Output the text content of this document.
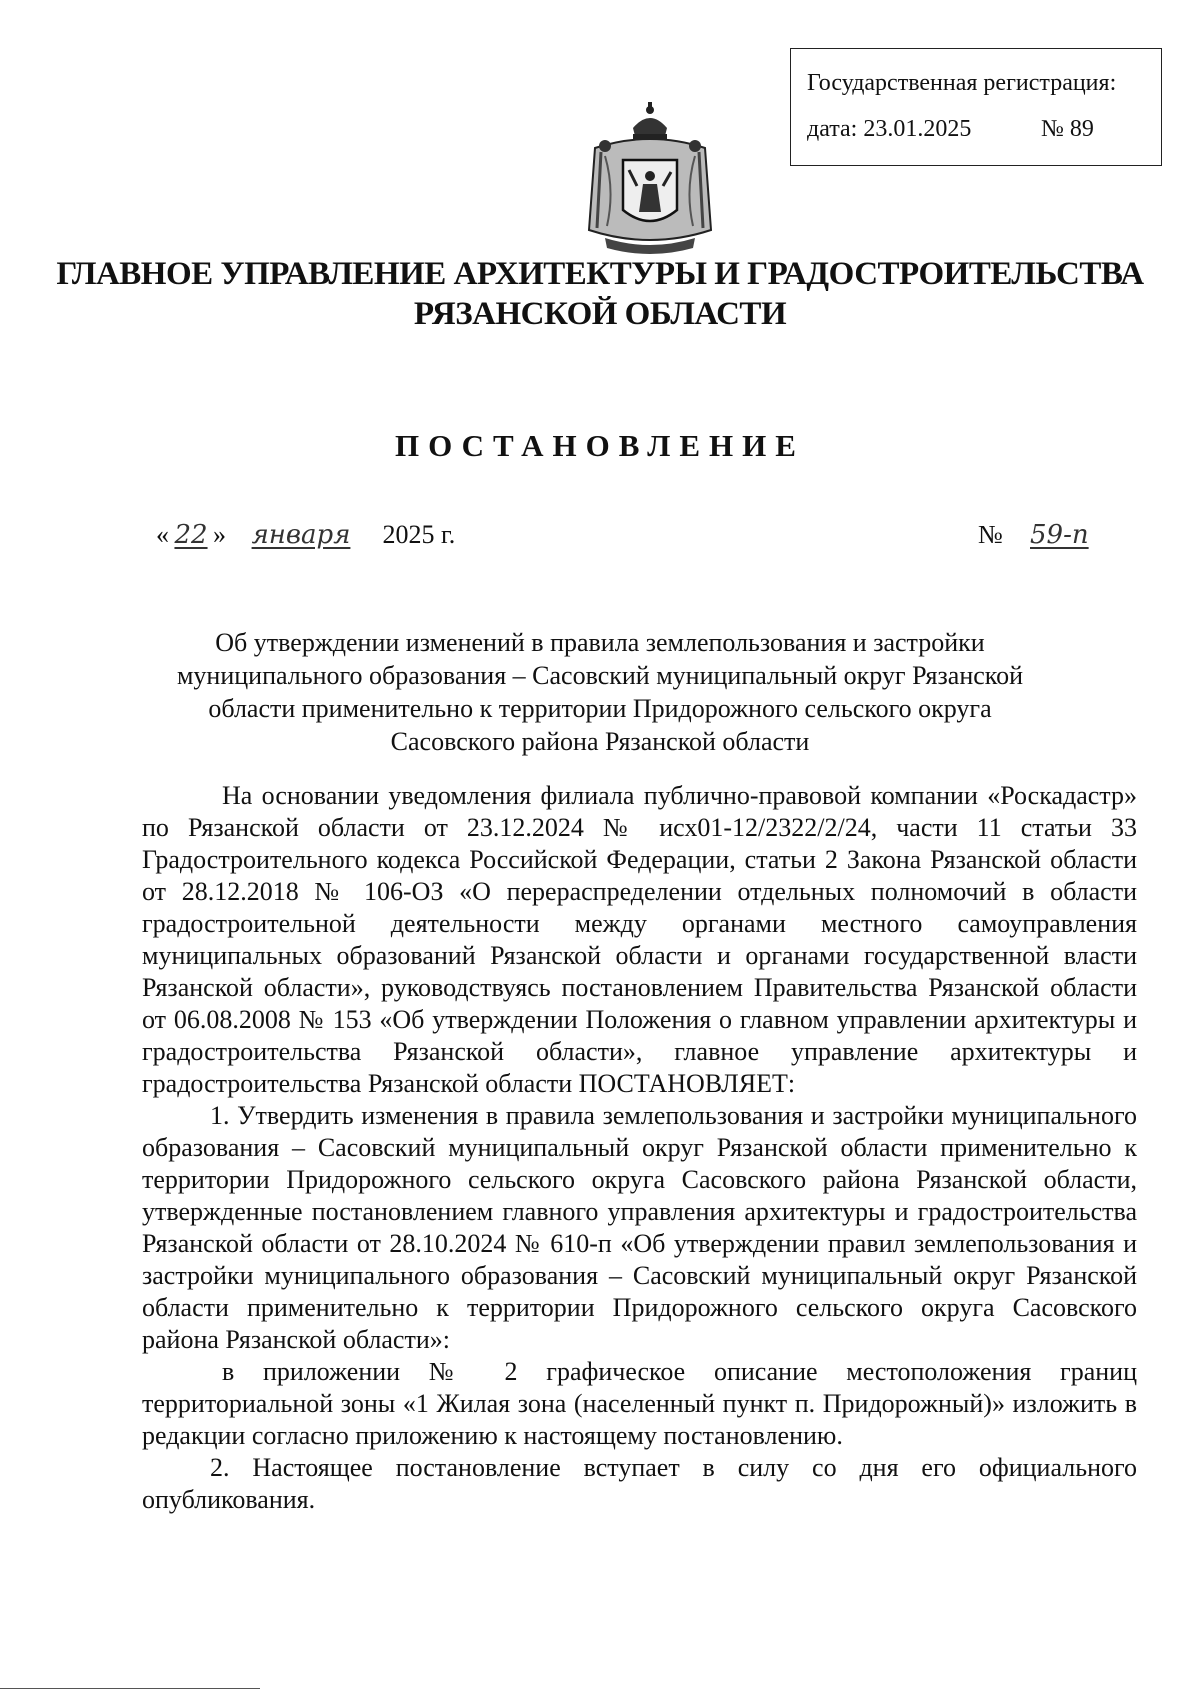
Государственная регистрация:
дата: 23.01.2025	№ 89
ГЛАВНОЕ УПРАВЛЕНИЕ АРХИТЕКТУРЫ И ГРАДОСТРОИТЕЛЬСТВА
РЯЗАНСКОЙ ОБЛАСТИ
ПОСТАНОВЛЕНИЕ
« 22 » января 2025 г.	№ 59-п
Об утверждении изменений в правила землепользования и застройки
муниципального образования – Сасовский муниципальный округ Рязанской
области применительно к территории Придорожного сельского округа
Сасовского района Рязанской области

На основании уведомления филиала публично-правовой компании «Роскадастр» по Рязанской области от 23.12.2024 № исх01-12/2322/2/24, части 11 статьи 33 Градостроительного кодекса Российской Федерации, статьи 2 Закона Рязанской области от 28.12.2018 № 106-ОЗ «О перераспределении отдельных полномочий в области градостроительной деятельности между органами местного самоуправления муниципальных образований Рязанской области и органами государственной власти Рязанской области», руководствуясь постановлением Правительства Рязанской области от 06.08.2008 № 153 «Об утверждении Положения о главном управлении архитектуры и градостроительства Рязанской области», главное управление архитектуры и градостроительства Рязанской области ПОСТАНОВЛЯЕТ:

1. Утвердить изменения в правила землепользования и застройки муниципального образования – Сасовский муниципальный округ Рязанской области применительно к территории Придорожного сельского округа Сасовского района Рязанской области, утвержденные постановлением главного управления архитектуры и градостроительства Рязанской области от 28.10.2024 № 610-п «Об утверждении правил землепользования и застройки муниципального образования – Сасовский муниципальный округ Рязанской области применительно к территории Придорожного сельского округа Сасовского района Рязанской области»:

в приложении № 2 графическое описание местоположения границ территориальной зоны «1 Жилая зона (населенный пункт п. Придорожный)» изложить в редакции согласно приложению к настоящему постановлению.

2. Настоящее постановление вступает в силу со дня его официального опубликования.
